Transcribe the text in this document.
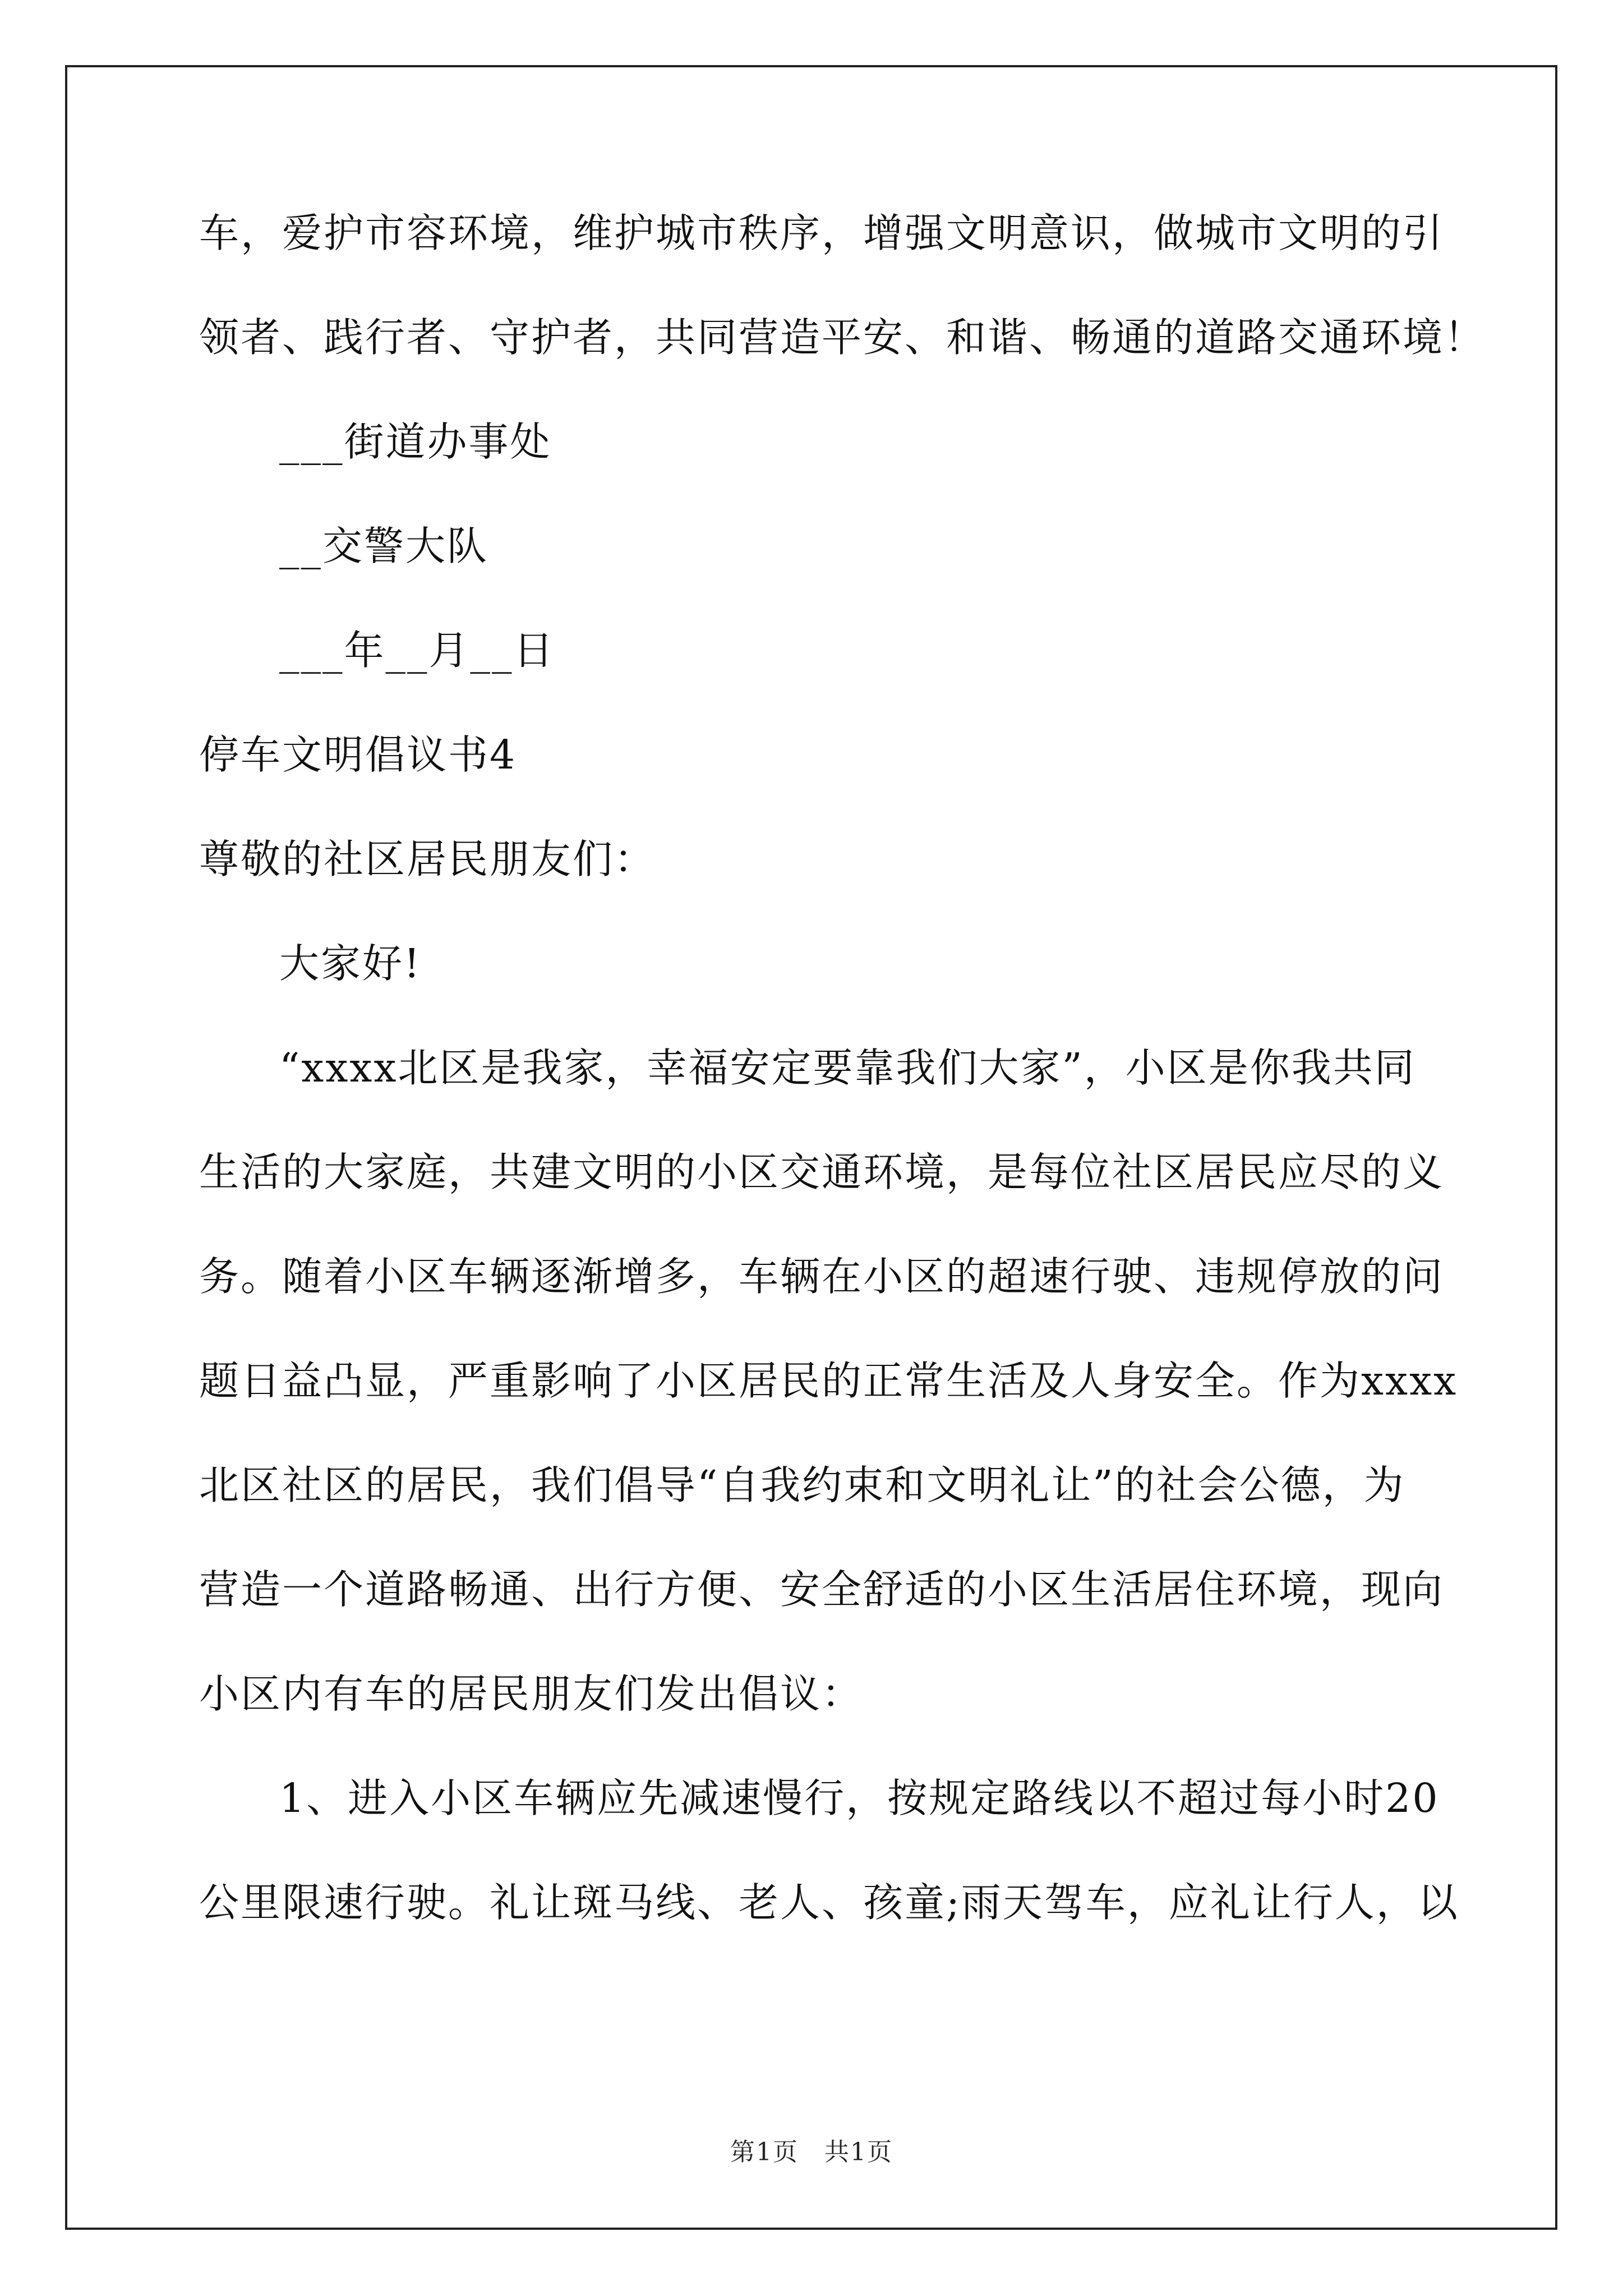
车，爱护市容环境，维护城市秩序，增强文明意识，做城市文明的引
领者、践行者、守护者，共同营造平安、和谐、畅通的道路交通环境！
___街道办事处
__交警大队
___年__月__日
停车文明倡议书4
尊敬的社区居民朋友们：
大家好!
“xxxx北区是我家，幸福安定要靠我们大家”，小区是你我共同
生活的大家庭，共建文明的小区交通环境，是每位社区居民应尽的义
务。随着小区车辆逐渐增多，车辆在小区的超速行驶、违规停放的问
题日益凸显，严重影响了小区居民的正常生活及人身安全。作为xxxx
北区社区的居民，我们倡导“自我约束和文明礼让”的社会公德，为
营造一个道路畅通、出行方便、安全舒适的小区生活居住环境，现向
小区内有车的居民朋友们发出倡议：
1、进入小区车辆应先减速慢行，按规定路线以不超过每小时20
公里限速行驶。礼让斑马线、老人、孩童;雨天驾车，应礼让行人，以
第1页　共1页
